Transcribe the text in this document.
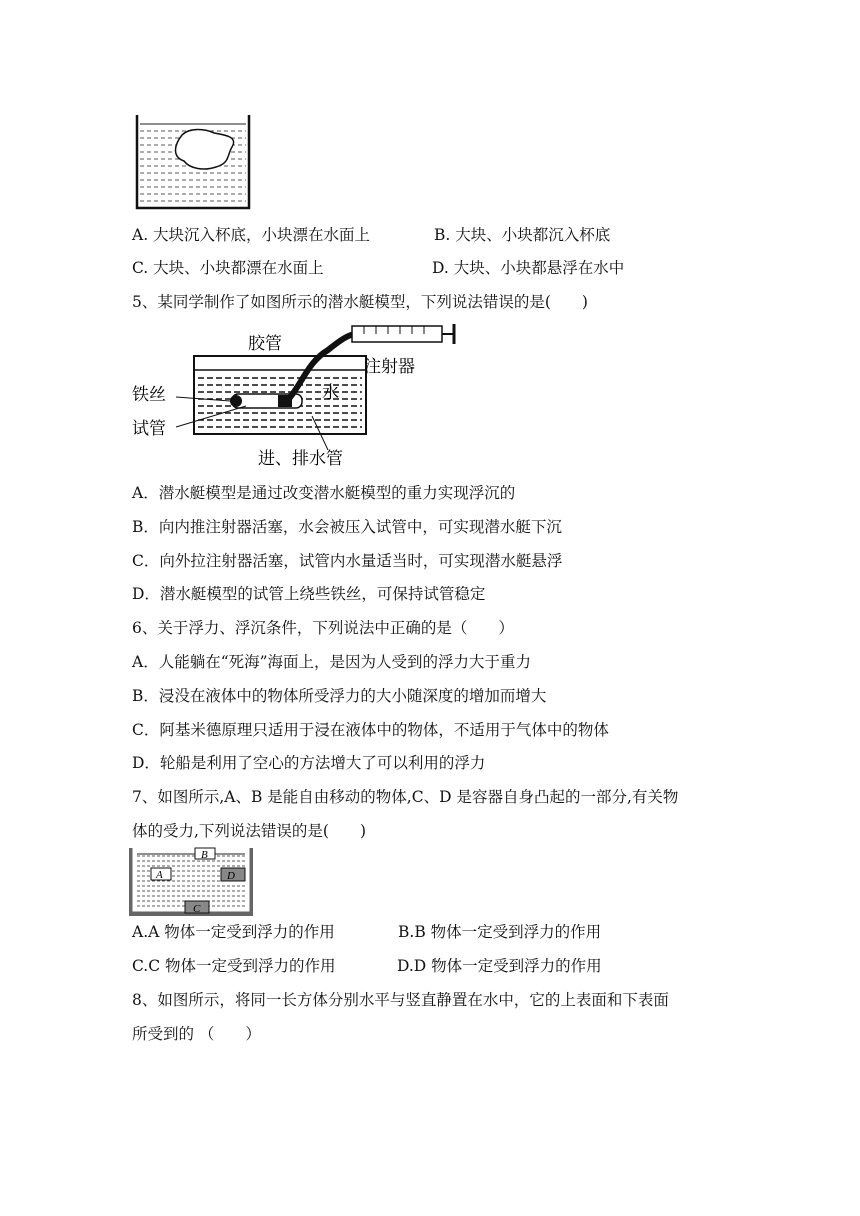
A. 大块沉入杯底，小块漂在水面上	B. 大块、小块都沉入杯底
C. 大块、小块都漂在水面上	D. 大块、小块都悬浮在水中
5、某同学制作了如图所示的潜水艇模型，下列说法错误的是(　　)
胶管
注射器
铁丝	水
试管
进、排水管
A．潜水艇模型是通过改变潜水艇模型的重力实现浮沉的
B．向内推注射器活塞，水会被压入试管中，可实现潜水艇下沉
C．向外拉注射器活塞，试管内水量适当时，可实现潜水艇悬浮
D．潜水艇模型的试管上绕些铁丝，可保持试管稳定
6、关于浮力、浮沉条件，下列说法中正确的是（　　）
A．人能躺在“死海”海面上，是因为人受到的浮力大于重力
B．浸没在液体中的物体所受浮力的大小随深度的增加而增大
C．阿基米德原理只适用于浸在液体中的物体，不适用于气体中的物体
D．轮船是利用了空心的方法增大了可以利用的浮力
7、如图所示,A、B 是能自由移动的物体,C、D 是容器自身凸起的一部分,有关物
体的受力,下列说法错误的是(　　)
A
B
C
D
A.A 物体一定受到浮力的作用	B.B 物体一定受到浮力的作用
C.C 物体一定受到浮力的作用	D.D 物体一定受到浮力的作用
8、如图所示，将同一长方体分别水平与竖直静置在水中，它的上表面和下表面
所受到的 （　　）
